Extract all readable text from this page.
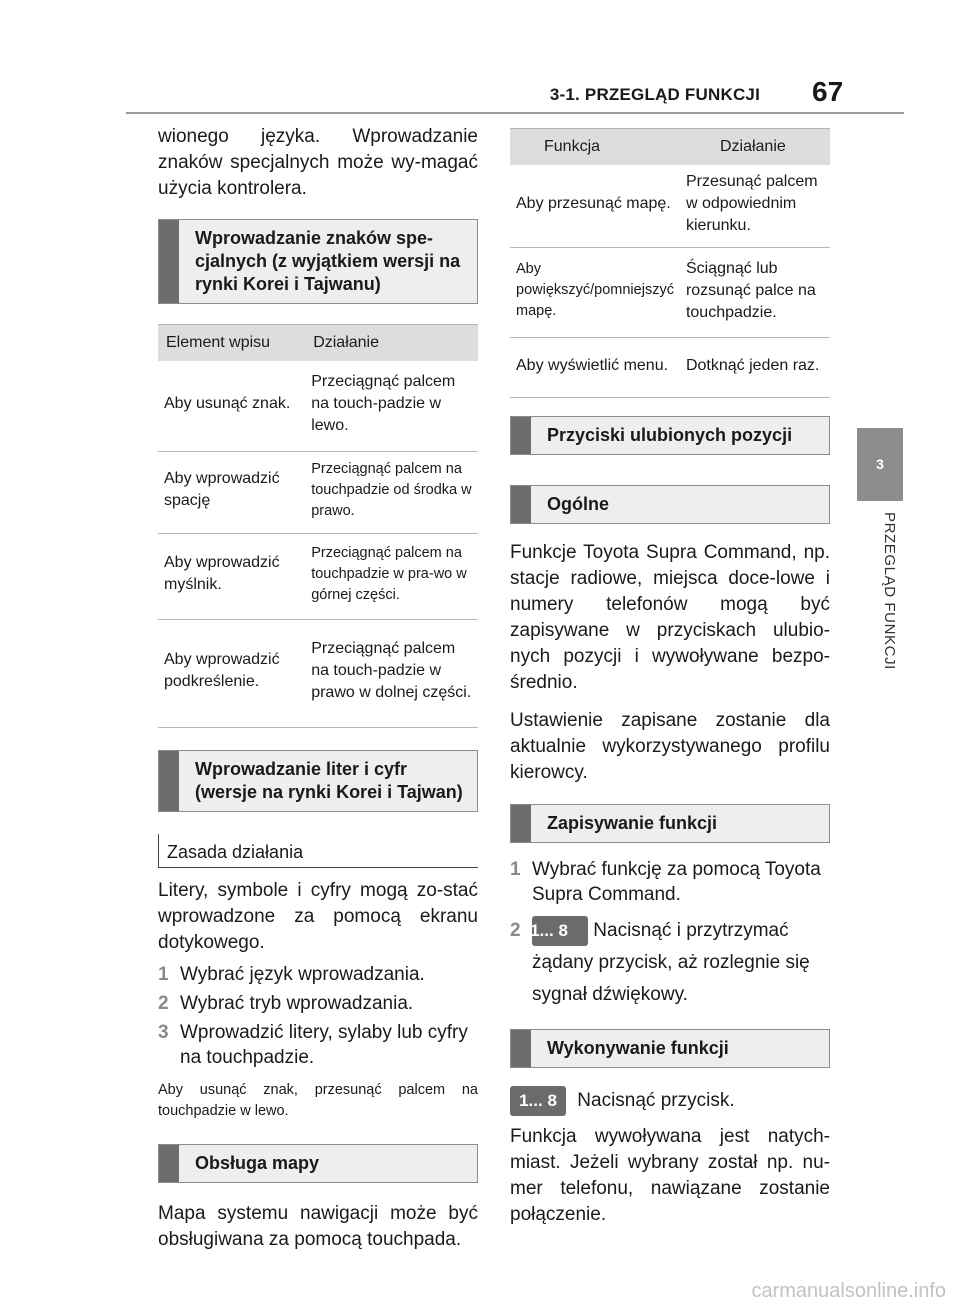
3-1. PRZEGLĄD FUNKCJI 67
3
PRZEGLĄD FUNKCJI

wionego języka. Wprowadzanie znaków specjalnych może wy-magać użycia kontrolera.

Wprowadzanie znaków spe-cjalnych (z wyjątkiem wersji na rynki Korei i Tajwanu)
Element wpisu	Działanie
Aby usunąć znak.	Przeciągnąć palcem na touch-padzie w lewo.
Aby wprowadzić spację	Przeciągnąć palcem na touchpadzie od środka w prawo.
Aby wprowadzić myślnik.	Przeciągnąć palcem na touchpadzie w pra-wo w górnej części.
Aby wprowadzić podkreślenie.	Przeciągnąć palcem na touch-padzie w prawo w dolnej części.
Wprowadzanie liter i cyfr (wersje na rynki Korei i Tajwan)
Zasada działania

Litery, symbole i cyfry mogą zo-stać wprowadzone za pomocą ekranu dotykowego.

1 Wybrać język wprowadzania.
2 Wybrać tryb wprowadzania.
3 Wprowadzić litery, sylaby lub cyfry na touchpadzie.

Aby usunąć znak, przesunąć palcem na touchpadzie w lewo.

Obsługa mapy

Mapa systemu nawigacji może być obsługiwana za pomocą touchpada.

Funkcja	Działanie
Aby przesunąć mapę.	Przesunąć palcem w odpowiednim kierunku.
Aby powiększyć/pomniejszyć mapę.	Ściągnąć lub rozsunąć palce na touchpadzie.
Aby wyświetlić menu.	Dotknąć jeden raz.
Przyciski ulubionych pozycji
Ogólne

Funkcje Toyota Supra Command, np. stacje radiowe, miejsca doce-lowe i numery telefonów mogą być zapisywane w przyciskach ulubio-nych pozycji i wywoływane bezpo-średnio.

Ustawienie zapisane zostanie dla aktualnie wykorzystywanego profilu kierowcy.

Zapisywanie funkcji
1 Wybrać funkcję za pomocą Toyota Supra Command.
2 1... 8 Nacisnąć i przytrzymać żądany przycisk, aż rozlegnie się sygnał dźwiękowy.
Wykonywanie funkcji
1... 8 Nacisnąć przycisk.

Funkcja wywoływana jest natych-miast. Jeżeli wybrany został np. nu-mer telefonu, nawiązane zostanie połączenie.

carmanualsonline.info
